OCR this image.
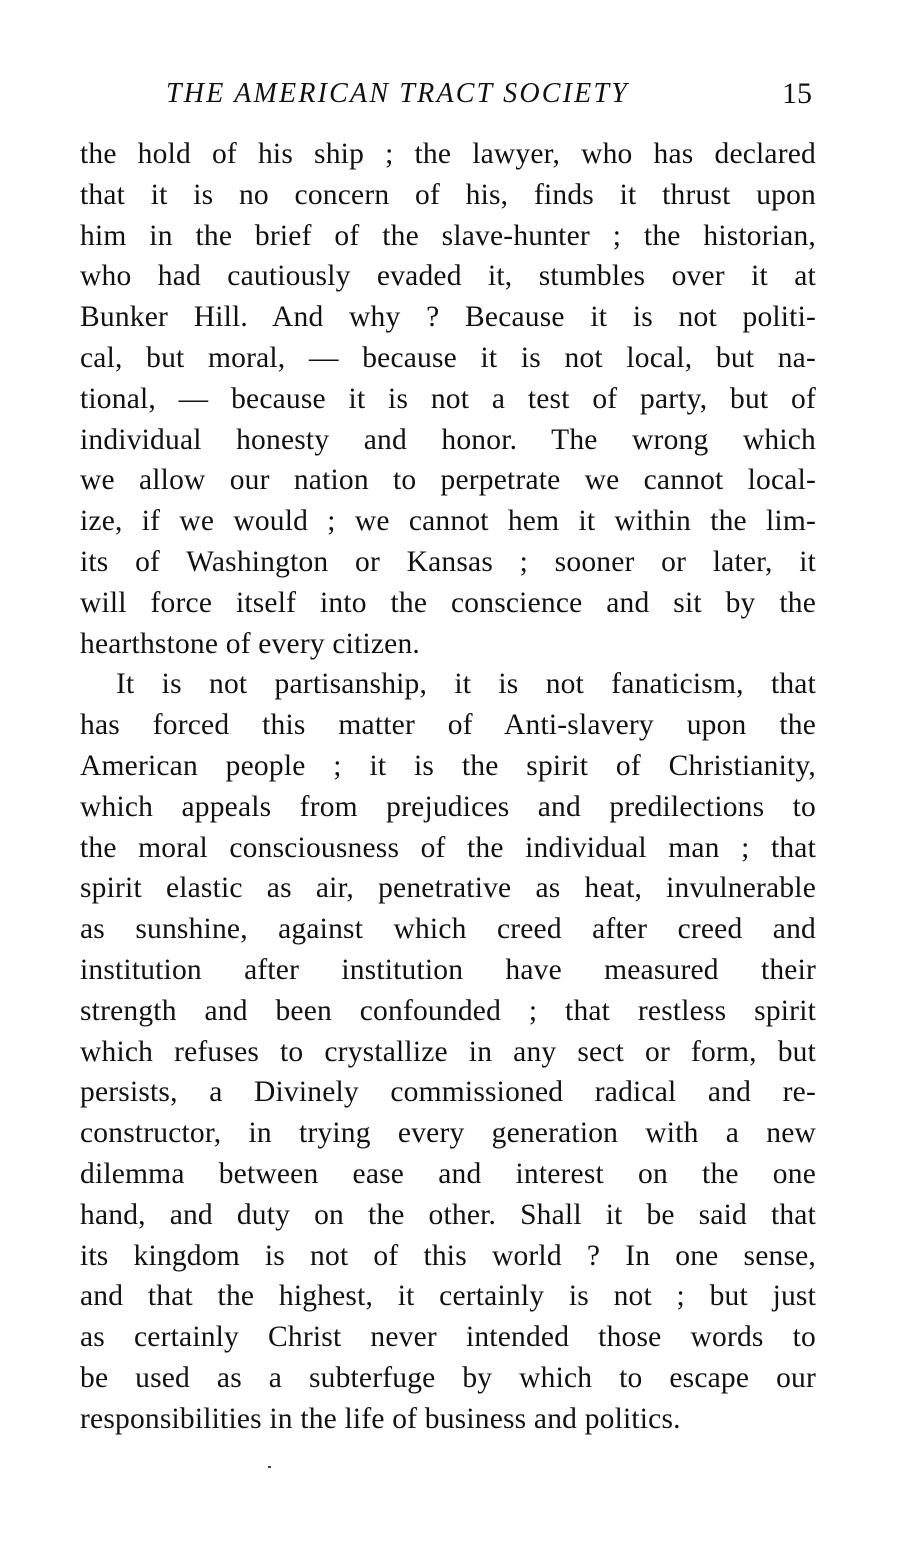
THE AMERICAN TRACT SOCIETY	15
the hold of his ship ; the lawyer, who has declared
that it is no concern of his, finds it thrust upon
him in the brief of the slave-hunter ; the historian,
who had cautiously evaded it, stumbles over it at
Bunker Hill. And why ? Because it is not politi-
cal, but moral, — because it is not local, but na-
tional, — because it is not a test of party, but of
individual honesty and honor. The wrong which
we allow our nation to perpetrate we cannot local-
ize, if we would ; we cannot hem it within the lim-
its of Washington or Kansas ; sooner or later, it
will force itself into the conscience and sit by the
hearthstone of every citizen.
It is not partisanship, it is not fanaticism, that
has forced this matter of Anti-slavery upon the
American people ; it is the spirit of Christianity,
which appeals from prejudices and predilections to
the moral consciousness of the individual man ; that
spirit elastic as air, penetrative as heat, invulnerable
as sunshine, against which creed after creed and
institution after institution have measured their
strength and been confounded ; that restless spirit
which refuses to crystallize in any sect or form, but
persists, a Divinely commissioned radical and re-
constructor, in trying every generation with a new
dilemma between ease and interest on the one
hand, and duty on the other. Shall it be said that
its kingdom is not of this world ? In one sense,
and that the highest, it certainly is not ; but just
as certainly Christ never intended those words to
be used as a subterfuge by which to escape our
responsibilities in the life of business and politics.
